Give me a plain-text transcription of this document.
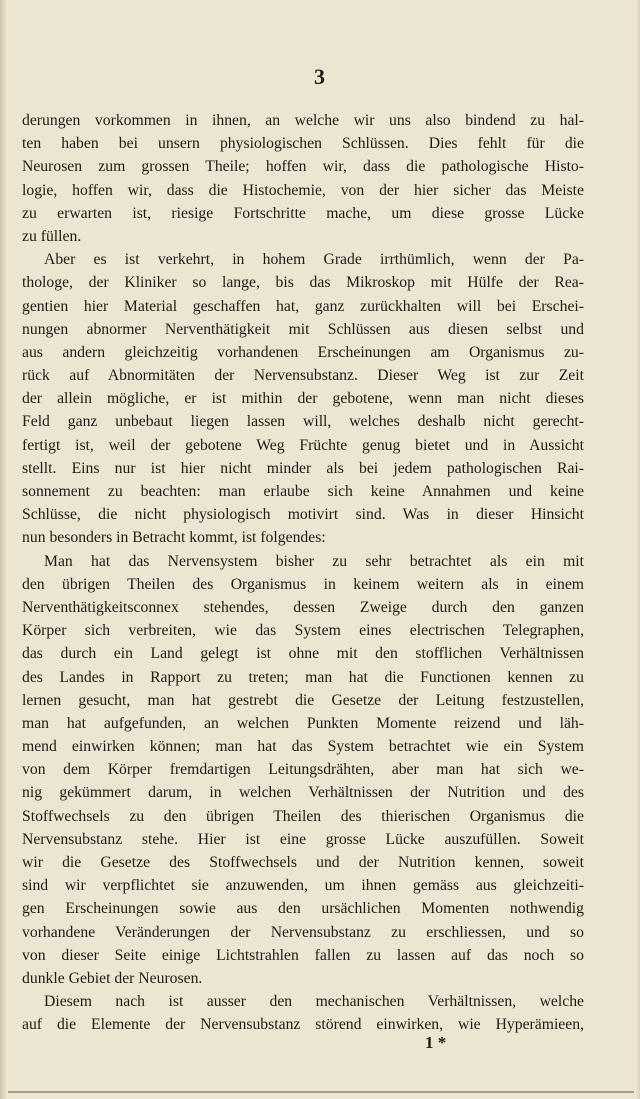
3
derungen vorkommen in ihnen, an welche wir uns also bindend zu hal-
ten haben bei unsern physiologischen Schlüssen. Dies fehlt für die
Neurosen zum grossen Theile; hoffen wir, dass die pathologische Histo-
logie, hoffen wir, dass die Histochemie, von der hier sicher das Meiste
zu erwarten ist, riesige Fortschritte mache, um diese grosse Lücke
zu füllen.
Aber es ist verkehrt, in hohem Grade irrthümlich, wenn der Pa-
thologe, der Kliniker so lange, bis das Mikroskop mit Hülfe der Rea-
gentien hier Material geschaffen hat, ganz zurückhalten will bei Erschei-
nungen abnormer Nerventhätigkeit mit Schlüssen aus diesen selbst und
aus andern gleichzeitig vorhandenen Erscheinungen am Organismus zu-
rück auf Abnormitäten der Nervensubstanz. Dieser Weg ist zur Zeit
der allein mögliche, er ist mithin der gebotene, wenn man nicht dieses
Feld ganz unbebaut liegen lassen will, welches deshalb nicht gerecht-
fertigt ist, weil der gebotene Weg Früchte genug bietet und in Aussicht
stellt. Eins nur ist hier nicht minder als bei jedem pathologischen Rai-
sonnement zu beachten: man erlaube sich keine Annahmen und keine
Schlüsse, die nicht physiologisch motivirt sind. Was in dieser Hinsicht
nun besonders in Betracht kommt, ist folgendes:
Man hat das Nervensystem bisher zu sehr betrachtet als ein mit
den übrigen Theilen des Organismus in keinem weitern als in einem
Nerventhätigkeitsconnex stehendes, dessen Zweige durch den ganzen
Körper sich verbreiten, wie das System eines electrischen Telegraphen,
das durch ein Land gelegt ist ohne mit den stofflichen Verhältnissen
des Landes in Rapport zu treten; man hat die Functionen kennen zu
lernen gesucht, man hat gestrebt die Gesetze der Leitung festzustellen,
man hat aufgefunden, an welchen Punkten Momente reizend und läh-
mend einwirken können; man hat das System betrachtet wie ein System
von dem Körper fremdartigen Leitungsdrähten, aber man hat sich we-
nig gekümmert darum, in welchen Verhältnissen der Nutrition und des
Stoffwechsels zu den übrigen Theilen des thierischen Organismus die
Nervensubstanz stehe. Hier ist eine grosse Lücke auszufüllen. Soweit
wir die Gesetze des Stoffwechsels und der Nutrition kennen, soweit
sind wir verpflichtet sie anzuwenden, um ihnen gemäss aus gleichzeiti-
gen Erscheinungen sowie aus den ursächlichen Momenten nothwendig
vorhandene Veränderungen der Nervensubstanz zu erschliessen, und so
von dieser Seite einige Lichtstrahlen fallen zu lassen auf das noch so
dunkle Gebiet der Neurosen.
Diesem nach ist ausser den mechanischen Verhältnissen, welche
auf die Elemente der Nervensubstanz störend einwirken, wie Hyperämieen,
1 *
